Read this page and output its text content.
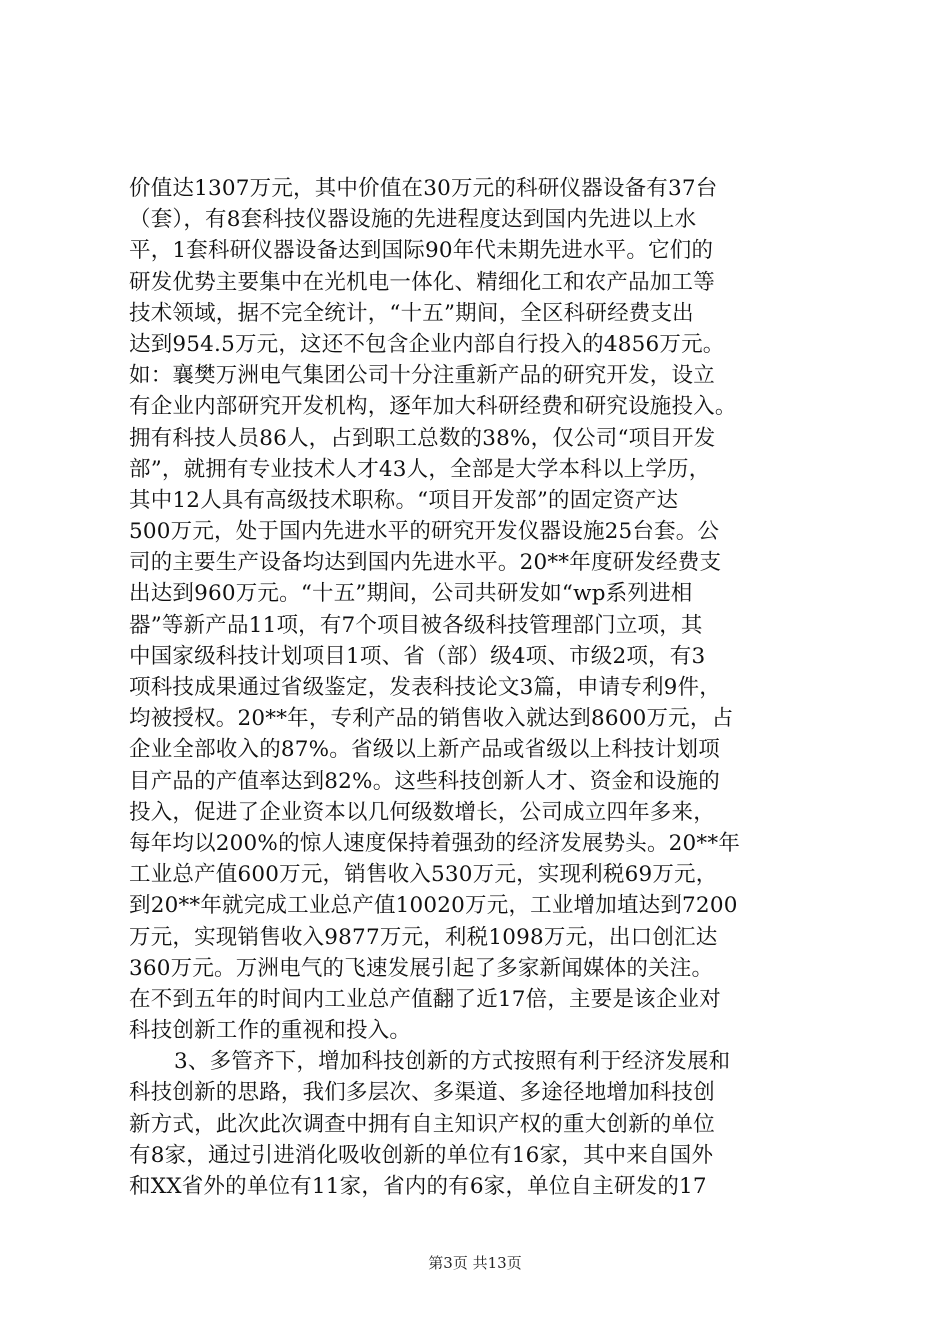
价值达1307万元，其中价值在30万元的科研仪器设备有37台
（套），有8套科技仪器设施的先进程度达到国内先进以上水
平，1套科研仪器设备达到国际90年代未期先进水平。它们的
研发优势主要集中在光机电一体化、精细化工和农产品加工等
技术领域，据不完全统计，“十五”期间，全区科研经费支出
达到954.5万元，这还不包含企业内部自行投入的4856万元。
如：襄樊万洲电气集团公司十分注重新产品的研究开发，设立
有企业内部研究开发机构，逐年加大科研经费和研究设施投入。
拥有科技人员86人，占到职工总数的38%，仅公司“项目开发
部”，就拥有专业技术人才43人，全部是大学本科以上学历，
其中12人具有高级技术职称。“项目开发部”的固定资产达
500万元，处于国内先进水平的研究开发仪器设施25台套。公
司的主要生产设备均达到国内先进水平。20**年度研发经费支
出达到960万元。“十五”期间，公司共研发如“wp系列进相
器”等新产品11项，有7个项目被各级科技管理部门立项，其
中国家级科技计划项目1项、省（部）级4项、市级2项，有3
项科技成果通过省级鉴定，发表科技论文3篇，申请专利9件，
均被授权。20**年，专利产品的销售收入就达到8600万元，占
企业全部收入的87%。省级以上新产品或省级以上科技计划项
目产品的产值率达到82%。这些科技创新人才、资金和设施的
投入，促进了企业资本以几何级数增长，公司成立四年多来，
每年均以200%的惊人速度保持着强劲的经济发展势头。20**年
工业总产值600万元，销售收入530万元，实现利税69万元，
到20**年就完成工业总产值10020万元，工业增加埴达到7200
万元，实现销售收入9877万元，利税1098万元，出口创汇达
360万元。万洲电气的飞速发展引起了多家新闻媒体的关注。
在不到五年的时间内工业总产值翻了近17倍，主要是该企业对
科技创新工作的重视和投入。
3、多管齐下，增加科技创新的方式按照有利于经济发展和
科技创新的思路，我们多层次、多渠道、多途径地增加科技创
新方式，此次此次调查中拥有自主知识产权的重大创新的单位
有8家，通过引进消化吸收创新的单位有16家，其中来自国外
和XX省外的单位有11家，省内的有6家，单位自主研发的17
第3页 共13页
